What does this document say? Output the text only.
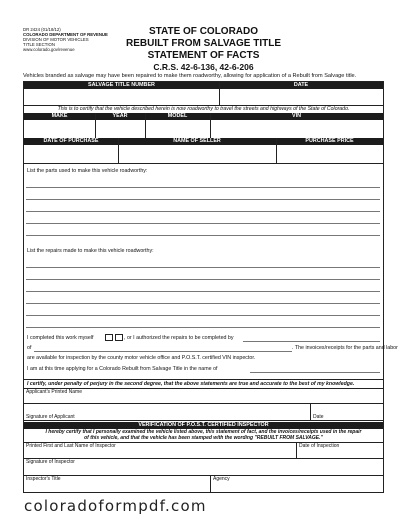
DR 2424 (01/18/12)
COLORADO DEPARTMENT OF REVENUE
DIVISION OF MOTOR VEHICLES
TITLE SECTION
www.colorado.gov/revenue
STATE OF COLORADO
REBUILT FROM SALVAGE TITLE
STATEMENT OF FACTS
C.R.S. 42-6-136, 42-6-206
Vehicles branded as salvage may have been repaired to make them roadworthy, allowing for application of a Rebuilt from Salvage title.
SALVAGE TITLE NUMBER	DATE
This is to certify that the vehicle described herein is now roadworthy to travel the streets and highways of the State of Colorado.
MAKE	YEAR	MODEL	VIN
DATE OF PURCHASE	NAME OF SELLER	PURCHASE PRICE
List the parts used to make this vehicle roadworthy:
List the repairs made to make this vehicle roadworthy:
I completed this work myself	, or I authorized the repairs to be completed by
of	. The invoices/receipts for the parts and labor
are available for inspection by the county motor vehicle office and P.O.S.T. certified VIN inspector.
I am at this time applying for a Colorado Rebuilt from Salvage Title in the name of
I certify, under penalty of perjury in the second degree, that the above statements are true and accurate to the best of my knowledge.
Applicant's Printed Name
Signature of Applicant	Date
VERIFICATION OF P.O.S.T. CERTIFIED INSPECTOR
I hereby certify that I personally examined the vehicle listed above, this statement of fact, and the invoices/receipts used in the repair
of this vehicle, and that the vehicle has been stamped with the wording "REBUILT FROM SALVAGE."
Printed First and Last Name of Inspector	Date of Inspection
Signature of Inspector
Inspector's Title	Agency
coloradoformpdf.com
